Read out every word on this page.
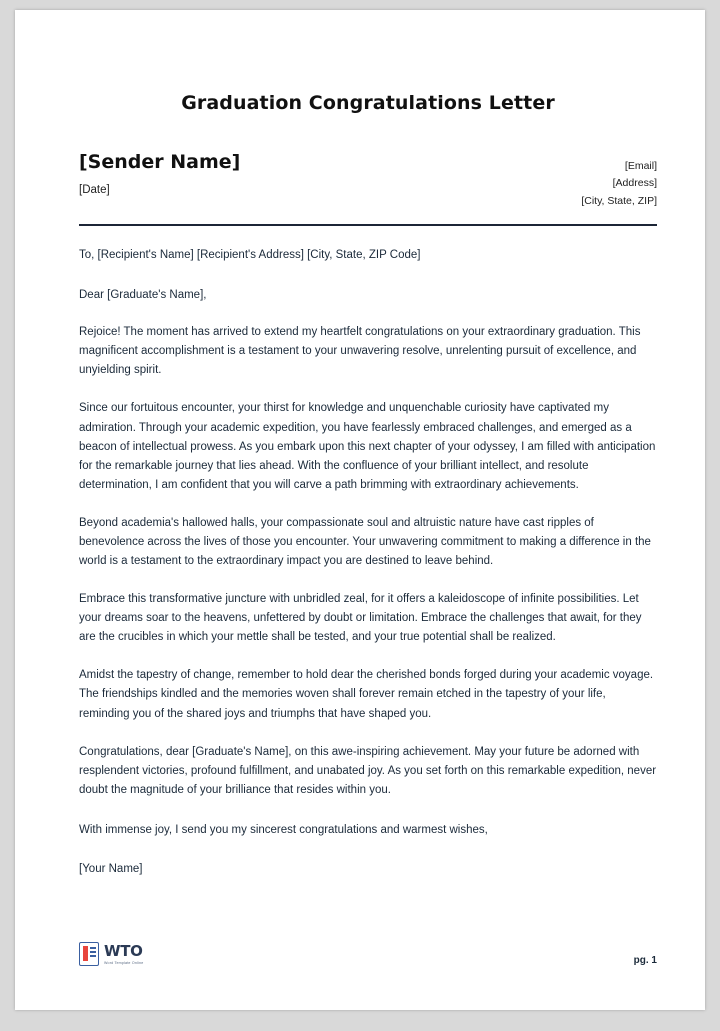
Graduation Congratulations Letter
[Sender Name]
[Date]
[Email]
[Address]
[City, State, ZIP]
To, [Recipient's Name] [Recipient's Address] [City, State, ZIP Code]
Dear [Graduate's Name],

Rejoice! The moment has arrived to extend my heartfelt congratulations on your extraordinary graduation. This magnificent accomplishment is a testament to your unwavering resolve, unrelenting pursuit of excellence, and unyielding spirit.

Since our fortuitous encounter, your thirst for knowledge and unquenchable curiosity have captivated my admiration. Through your academic expedition, you have fearlessly embraced challenges, and emerged as a beacon of intellectual prowess. As you embark upon this next chapter of your odyssey, I am filled with anticipation for the remarkable journey that lies ahead. With the confluence of your brilliant intellect, and resolute determination, I am confident that you will carve a path brimming with extraordinary achievements.

Beyond academia's hallowed halls, your compassionate soul and altruistic nature have cast ripples of benevolence across the lives of those you encounter. Your unwavering commitment to making a difference in the world is a testament to the extraordinary impact you are destined to leave behind.

Embrace this transformative juncture with unbridled zeal, for it offers a kaleidoscope of infinite possibilities. Let your dreams soar to the heavens, unfettered by doubt or limitation. Embrace the challenges that await, for they are the crucibles in which your mettle shall be tested, and your true potential shall be realized.

Amidst the tapestry of change, remember to hold dear the cherished bonds forged during your academic voyage. The friendships kindled and the memories woven shall forever remain etched in the tapestry of your life, reminding you of the shared joys and triumphs that have shaped you.

Congratulations, dear [Graduate's Name], on this awe-inspiring achievement. May your future be adorned with resplendent victories, profound fulfillment, and unabated joy. As you set forth on this remarkable expedition, never doubt the magnitude of your brilliance that resides within you.

With immense joy, I send you my sincerest congratulations and warmest wishes,
[Your Name]
WTO
Word Template Online	pg. 1
